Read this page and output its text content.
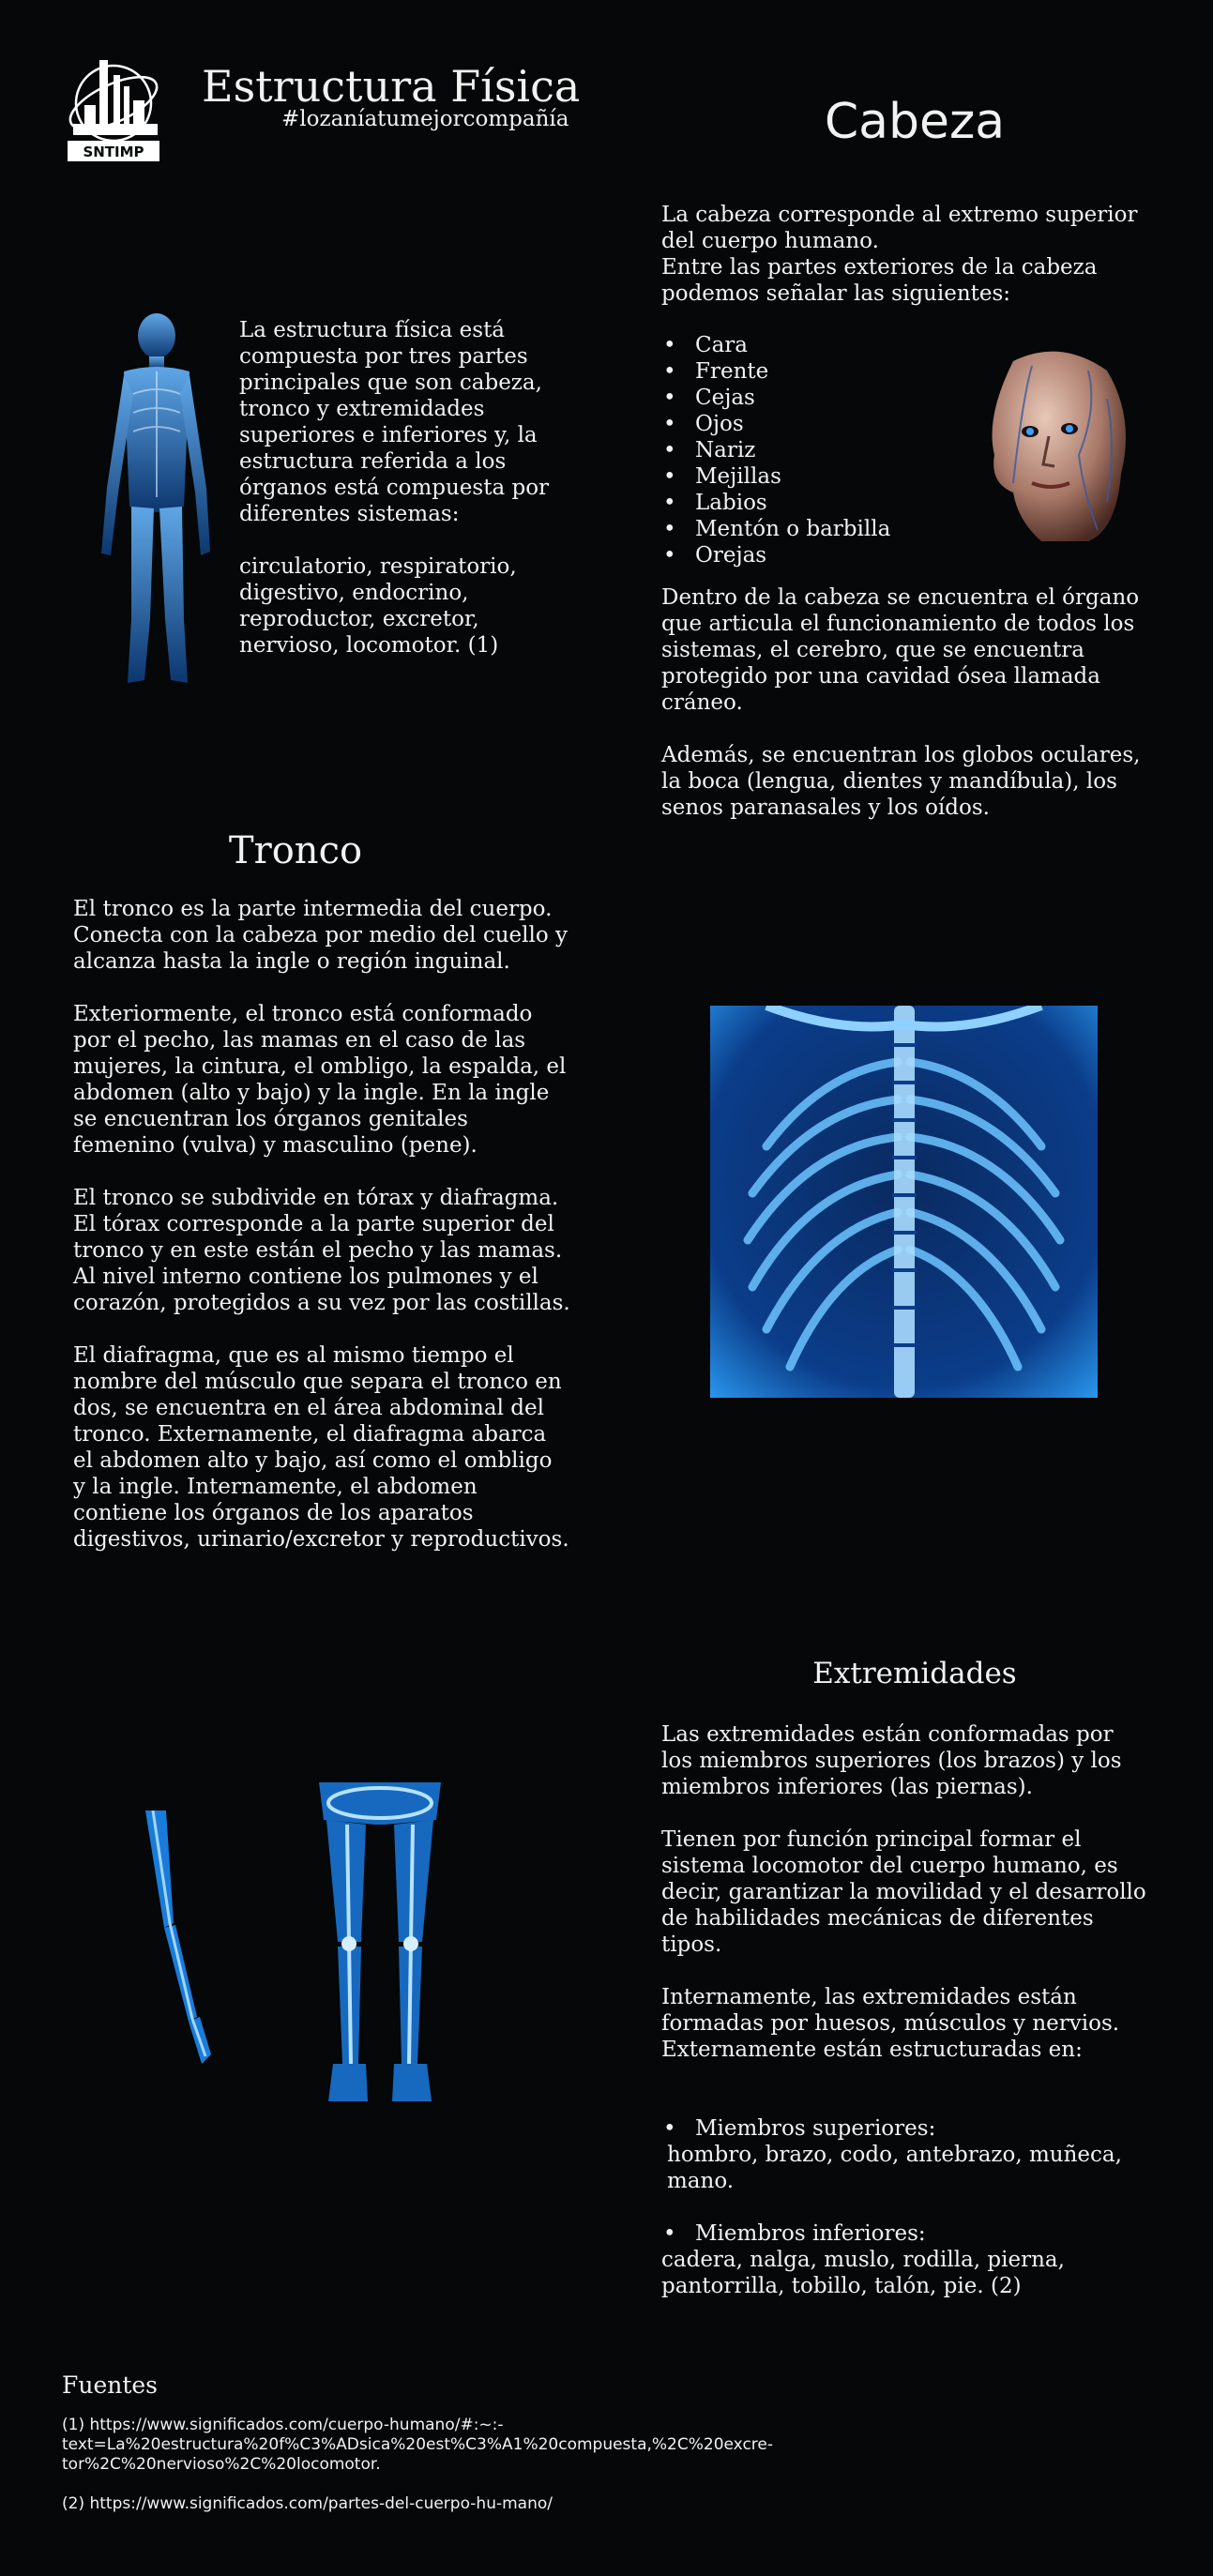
SNTIMP
Estructura Física
#lozaníatumejorcompañía

La estructura física está compuesta por tres partes principales que son cabeza, tronco y extremidades superiores e inferiores y, la estructura referida a los órganos está compuesta por diferentes sistemas:

circulatorio, respiratorio, digestivo, endocrino, reproductor, excretor, nervioso, locomotor. (1)

Cabeza

La cabeza corresponde al extremo superior del cuerpo humano.

Entre las partes exteriores de la cabeza podemos señalar las siguientes:

• Cara
• Frente
• Cejas
• Ojos
• Nariz
• Mejillas
• Labios
• Mentón o barbilla
• Orejas

Dentro de la cabeza se encuentra el órgano que articula el funcionamiento de todos los sistemas, el cerebro, que se encuentra protegido por una cavidad ósea llamada cráneo.

Además, se encuentran los globos oculares, la boca (lengua, dientes y mandíbula), los senos paranasales y los oídos.

Tronco

El tronco es la parte intermedia del cuerpo. Conecta con la cabeza por medio del cuello y alcanza hasta la ingle o región inguinal.

Exteriormente, el tronco está conformado por el pecho, las mamas en el caso de las mujeres, la cintura, el ombligo, la espalda, el abdomen (alto y bajo) y la ingle. En la ingle se encuentran los órganos genitales femenino (vulva) y masculino (pene).

El tronco se subdivide en tórax y diafragma. El tórax corresponde a la parte superior del tronco y en este están el pecho y las mamas. Al nivel interno contiene los pulmones y el corazón, protegidos a su vez por las costillas.

El diafragma, que es al mismo tiempo el nombre del músculo que separa el tronco en dos, se encuentra en el área abdominal del tronco. Externamente, el diafragma abarca el abdomen alto y bajo, así como el ombligo y la ingle. Internamente, el abdomen contiene los órganos de los aparatos digestivos, urinario/excretor y reproductivos.

Extremidades

Las extremidades están conformadas por los miembros superiores (los brazos) y los miembros inferiores (las piernas).

Tienen por función principal formar el sistema locomotor del cuerpo humano, es decir, garantizar la movilidad y el desarrollo de habilidades mecánicas de diferentes tipos.

Internamente, las extremidades están formadas por huesos, músculos y nervios. Externamente están estructuradas en:

• Miembros superiores:

hombro, brazo, codo, antebrazo, muñeca, mano.

• Miembros inferiores:

cadera, nalga, muslo, rodilla, pierna, pantorrilla, tobillo, talón, pie. (2)

Fuentes

(1) https://www.significados.com/cuerpo-humano/#:~:-text=La%20estructura%20f%C3%ADsica%20est%C3%A1%20compuesta,%2C%20excre-tor%2C%20nervioso%2C%20locomotor.

(2) https://www.significados.com/partes-del-cuerpo-hu-mano/
